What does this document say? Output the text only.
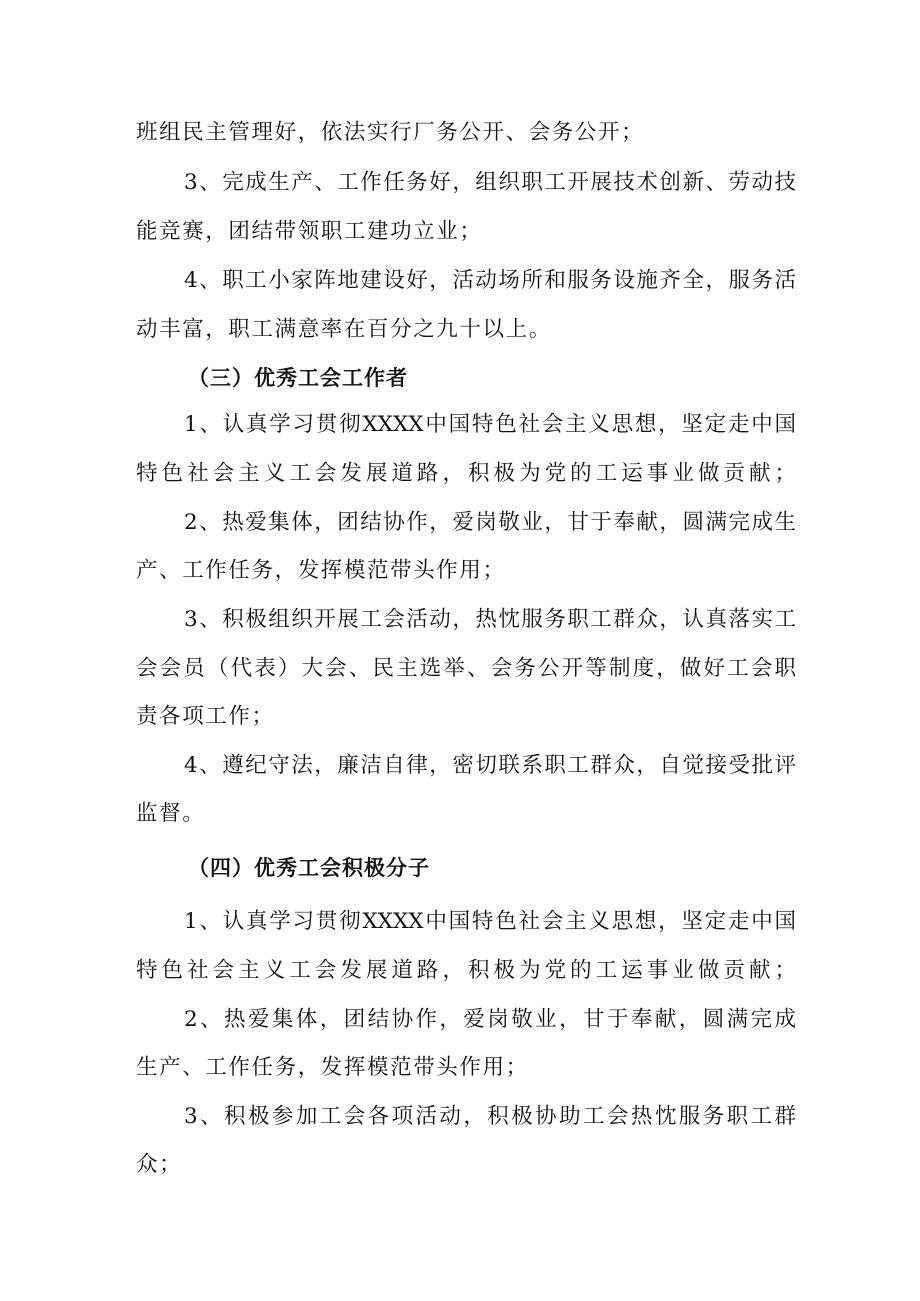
班组民主管理好，依法实行厂务公开、会务公开；
3、完成生产、工作任务好，组织职工开展技术创新、劳动技
能竞赛，团结带领职工建功立业；
4、职工小家阵地建设好，活动场所和服务设施齐全，服务活
动丰富，职工满意率在百分之九十以上。
（三）优秀工会工作者
1、认真学习贯彻XXXX中国特色社会主义思想，坚定走中国
特色社会主义工会发展道路，积极为党的工运事业做贡献；
2、热爱集体，团结协作，爱岗敬业，甘于奉献，圆满完成生
产、工作任务，发挥模范带头作用；
3、积极组织开展工会活动，热忱服务职工群众，认真落实工
会会员（代表）大会、民主选举、会务公开等制度，做好工会职
责各项工作；
4、遵纪守法，廉洁自律，密切联系职工群众，自觉接受批评
监督。
（四）优秀工会积极分子
1、认真学习贯彻XXXX中国特色社会主义思想，坚定走中国
特色社会主义工会发展道路，积极为党的工运事业做贡献；
2、热爱集体，团结协作，爱岗敬业，甘于奉献，圆满完成
生产、工作任务，发挥模范带头作用；
3、积极参加工会各项活动，积极协助工会热忱服务职工群
众；
